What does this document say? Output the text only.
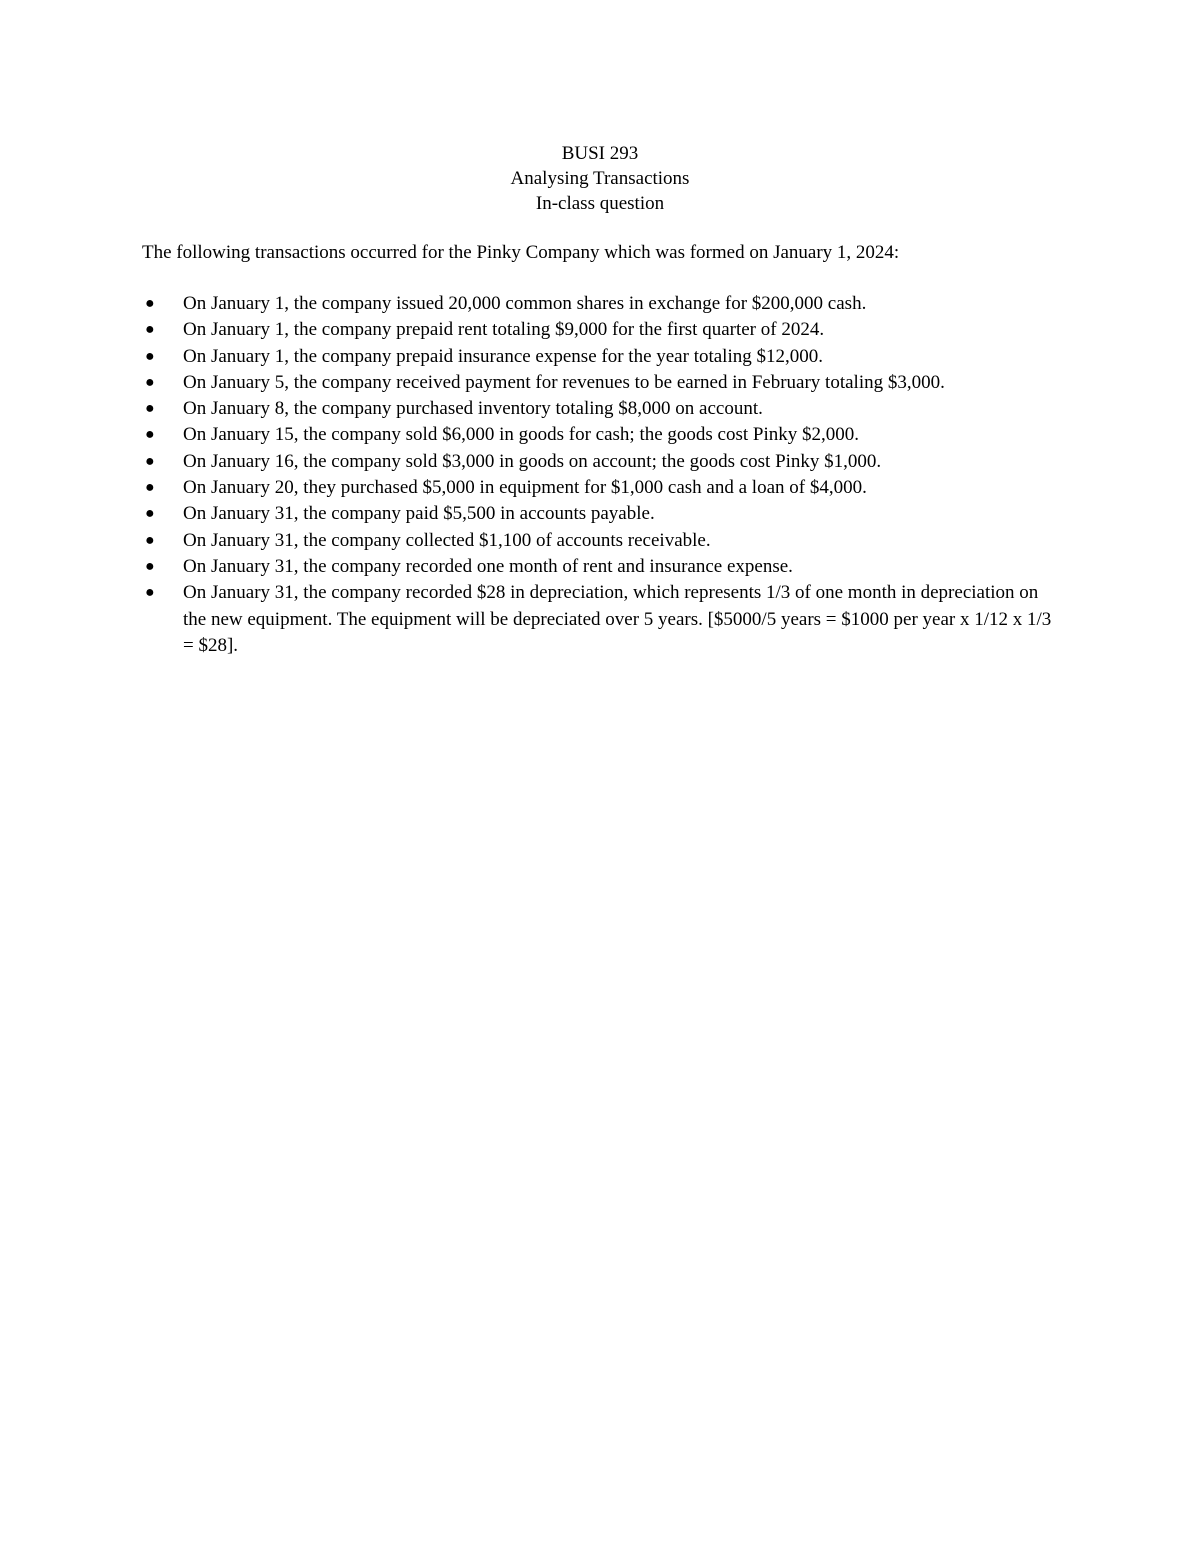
BUSI 293
Analysing Transactions
In-class question
The following transactions occurred for the Pinky Company which was formed on January 1, 2024:
● On January 1, the company issued 20,000 common shares in exchange for $200,000 cash.
● On January 1, the company prepaid rent totaling $9,000 for the first quarter of 2024.
● On January 1, the company prepaid insurance expense for the year totaling $12,000.
● On January 5, the company received payment for revenues to be earned in February totaling $3,000.
● On January 8, the company purchased inventory totaling $8,000 on account.
● On January 15, the company sold $6,000 in goods for cash; the goods cost Pinky $2,000.
● On January 16, the company sold $3,000 in goods on account; the goods cost Pinky $1,000.
● On January 20, they purchased $5,000 in equipment for $1,000 cash and a loan of $4,000.
● On January 31, the company paid $5,500 in accounts payable.
● On January 31, the company collected $1,100 of accounts receivable.
● On January 31, the company recorded one month of rent and insurance expense.
● On January 31, the company recorded $28 in depreciation, which represents 1/3 of one month in depreciation on the new equipment. The equipment will be depreciated over 5 years. [$5000/5 years = $1000 per year x 1/12 x 1/3 = $28].
